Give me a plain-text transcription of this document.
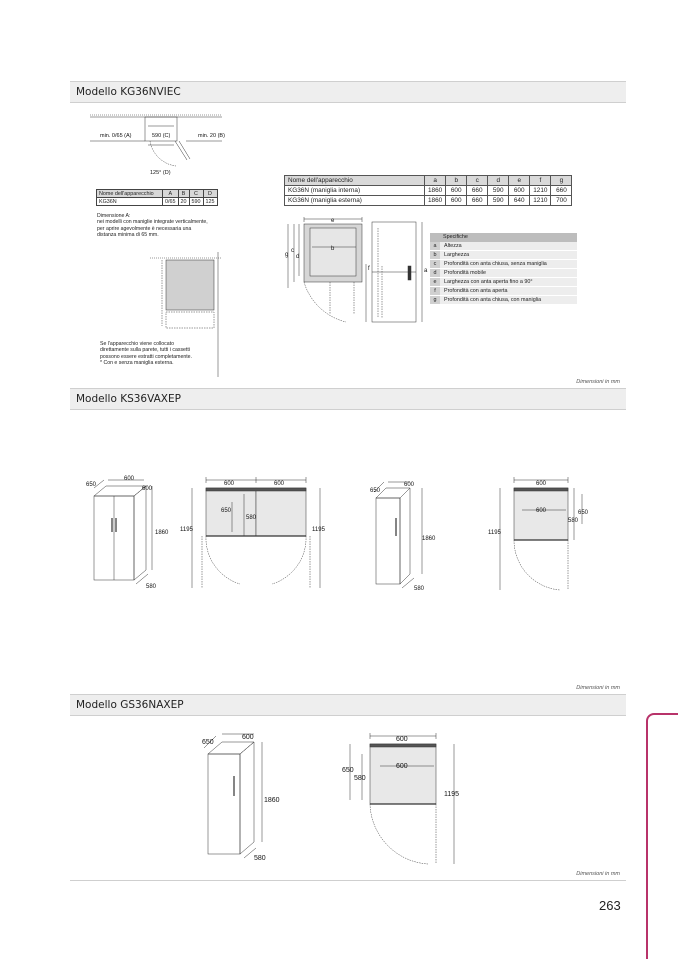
Modello KG36NVIEC
Modello KS36VAXEP
Modello GS36NAXEP
Dimensioni in mm
Dimensioni in mm
Dimensioni in mm
263
min. 0/65 (A)	590 (C)	min. 20 (B)
125° (D)
Nome dell'apparecchio	A	B	C	D
KG36N	0/65	20	590	125
Dimensione A:
nei modelli con maniglie integrate verticalmente,
per aprire agevolmente è necessaria una
distanza minima di 65 mm.
Se l'apparecchio viene collocato
direttamente sulla parete, tutti i cassetti
possono essere estratti completamente.
* Con e senza maniglia esterna.
Nome dell'apparecchio	a	b	c	d	e	f	g
KG36N (maniglia interna)	1860	600	660	590	600	1210	660
KG36N (maniglia esterna)	1860	600	660	590	640	1210	700
e
b
g
c
d
f	a
Specifiche
a	Altezza
b	Larghezza
c	Profondità con anta chiusa, senza maniglia
d	Profondità mobile
e	Larghezza con anta aperta fino a 90°
f	Profondità con anta aperta
g	Profondità con anta chiusa, con maniglia
650
600
600
1860
580
600	600
650
580
1195	1195
650
600
1860
580
600
600	650
580
1195
650
600
1860
580
600
600
650
580
1195
